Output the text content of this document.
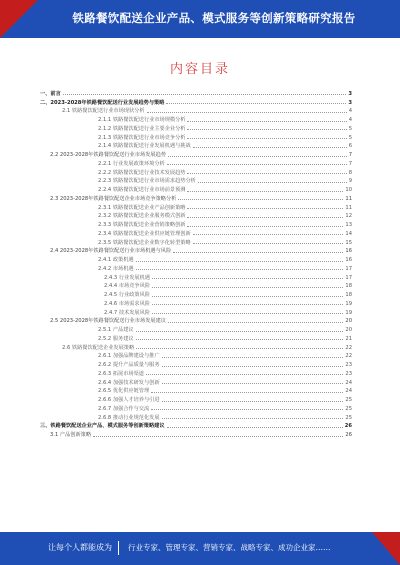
铁路餐饮配送企业产品、模式服务等创新策略研究报告
内容目录
一、前言	3
二、2023-2028年铁路餐饮配送行业发展趋势与策略	3
2.1 铁路餐饮配送行业市场现状分析	4
2.1.1 铁路餐饮配送行业市场规模分析	4
2.1.2 铁路餐饮配送行业主要企业分析	5
2.1.3 铁路餐饮配送行业市场竞争分析	5
2.1.4 铁路餐饮配送行业发展机遇与挑战	6
2.2 2023-2028年铁路餐饮配送行业市场发展趋势	7
2.2.1 行业发展政策环境分析	7
2.2.2 铁路餐饮配送行业技术发展趋势	8
2.2.3 铁路餐饮配送行业市场需求趋势分析	9
2.2.4 铁路餐饮配送行业市场前景预测	10
2.3 2023-2028年铁路餐饮配送企业市场竞争策略分析	11
2.3.1 铁路餐饮配送企业产品创新策略	11
2.3.2 铁路餐饮配送企业服务模式创新	12
2.3.3 铁路餐饮配送企业营销策略创新	13
2.3.4 铁路餐饮配送企业供应链管理创新	14
2.3.5 铁路餐饮配送企业数字化转型策略	15
2.4 2023-2028年铁路餐饮配送行业市场机遇与风险	16
2.4.1 政策机遇	16
2.4.2 市场机遇	17
2.4.3 行业发展机遇	17
2.4.4 市场竞争风险	18
2.4.5 行业政策风险	18
2.4.6 市场需求风险	19
2.4.7 技术发展风险	19
2.5 2023-2028年铁路餐饮配送行业市场发展建议	20
2.5.1 产品建议	20
2.5.2 服务建议	21
2.6 铁路餐饮配送企业发展策略	22
2.6.1 加强品牌建设与推广	22
2.6.2 提升产品质量与服务	23
2.6.3 拓展市场渠道	23
2.6.4 加强技术研发与创新	24
2.6.5 优化供应链管理	24
2.6.6 加强人才培养与引进	25
2.6.7 加强合作与交流	25
2.6.8 推动行业规范化发展	25
三、铁路餐饮配送企业产品、模式服务等创新策略建议	26
3.1 产品创新策略	26
让每个人都能成为 行业专家、管理专家、营销专家、战略专家、成功企业家……
